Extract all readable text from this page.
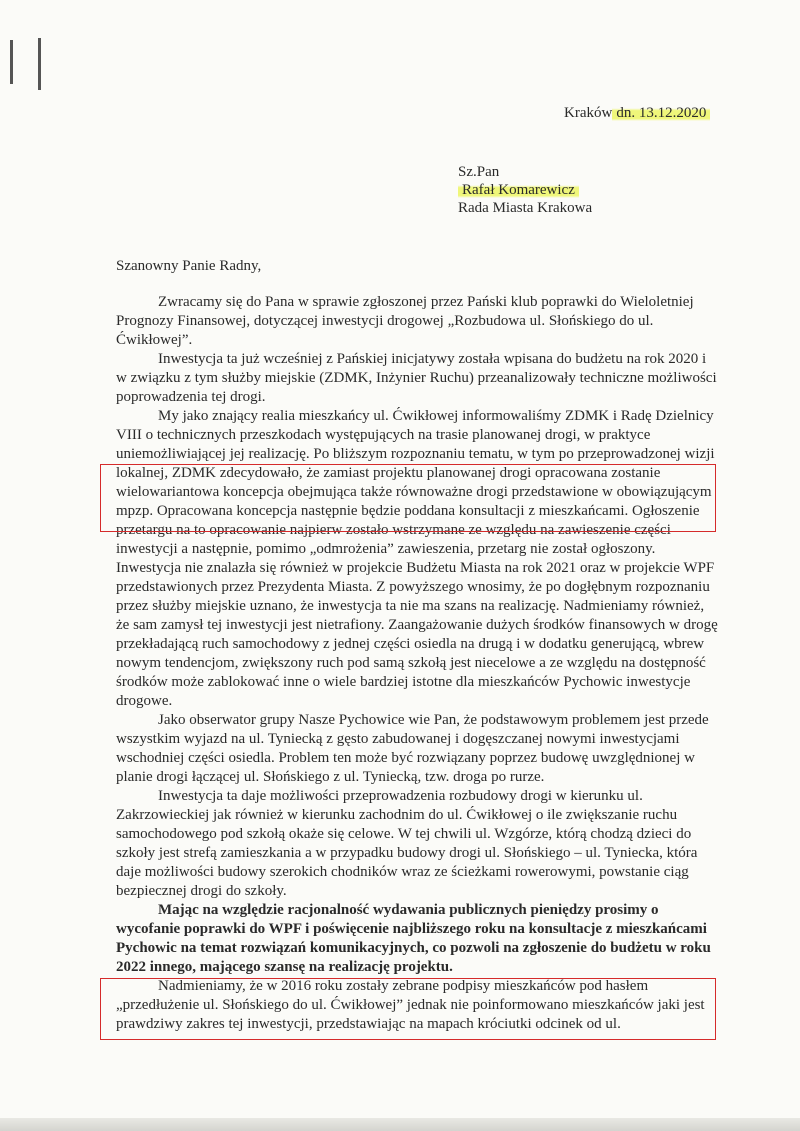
Kraków dn. 13.12.2020
Sz.Pan
Rafał Komarewicz
Rada Miasta Krakowa
Szanowny Panie Radny,

Zwracamy się do Pana w sprawie zgłoszonej przez Pański klub poprawki do Wieloletniej Prognozy Finansowej, dotyczącej inwestycji drogowej „Rozbudowa ul. Słońskiego do ul. Ćwikłowej”.

Inwestycja ta już wcześniej z Pańskiej inicjatywy została wpisana do budżetu na rok 2020 i w związku z tym służby miejskie (ZDMK, Inżynier Ruchu) przeanalizowały techniczne możliwości poprowadzenia tej drogi.

My jako znający realia mieszkańcy ul. Ćwikłowej informowaliśmy ZDMK i Radę Dzielnicy VIII o technicznych przeszkodach występujących na trasie planowanej drogi, w praktyce uniemożliwiającej jej realizację. Po bliższym rozpoznaniu tematu, w tym po przeprowadzonej wizji lokalnej, ZDMK zdecydowało, że zamiast projektu planowanej drogi opracowana zostanie wielowariantowa koncepcja obejmująca także równoważne drogi przedstawione w obowiązującym mpzp. Opracowana koncepcja następnie będzie poddana konsultacji z mieszkańcami. Ogłoszenie przetargu na to opracowanie najpierw zostało wstrzymane ze względu na zawieszenie części inwestycji a następnie, pomimo „odmrożenia” zawieszenia, przetarg nie został ogłoszony. Inwestycja nie znalazła się również w projekcie Budżetu Miasta na rok 2021 oraz w projekcie WPF przedstawionych przez Prezydenta Miasta. Z powyższego wnosimy, że po dogłębnym rozpoznaniu przez służby miejskie uznano, że inwestycja ta nie ma szans na realizację. Nadmieniamy również, że sam zamysł tej inwestycji jest nietrafiony. Zaangażowanie dużych środków finansowych w drogę przekładającą ruch samochodowy z jednej części osiedla na drugą i w dodatku generującą, wbrew nowym tendencjom, zwiększony ruch pod samą szkołą jest niecelowe a ze względu na dostępność środków może zablokować inne o wiele bardziej istotne dla mieszkańców Pychowic inwestycje drogowe.

Jako obserwator grupy Nasze Pychowice wie Pan, że podstawowym problemem jest przede wszystkim wyjazd na ul. Tyniecką z gęsto zabudowanej i dogęszczanej nowymi inwestycjami wschodniej części osiedla. Problem ten może być rozwiązany poprzez budowę uwzględnionej w planie drogi łączącej ul. Słońskiego z ul. Tyniecką, tzw. droga po rurze.

Inwestycja ta daje możliwości przeprowadzenia rozbudowy drogi w kierunku ul. Zakrzowieckiej jak również w kierunku zachodnim do ul. Ćwikłowej o ile zwiększanie ruchu samochodowego pod szkołą okaże się celowe. W tej chwili ul. Wzgórze, którą chodzą dzieci do szkoły jest strefą zamieszkania a w przypadku budowy drogi ul. Słońskiego – ul. Tyniecka, która daje możliwości budowy szerokich chodników wraz ze ścieżkami rowerowymi, powstanie ciąg bezpiecznej drogi do szkoły.

Mając na względzie racjonalność wydawania publicznych pieniędzy prosimy o wycofanie poprawki do WPF i poświęcenie najbliższego roku na konsultacje z mieszkańcami Pychowic na temat rozwiązań komunikacyjnych, co pozwoli na zgłoszenie do budżetu w roku 2022 innego, mającego szansę na realizację projektu.

Nadmieniamy, że w 2016 roku zostały zebrane podpisy mieszkańców pod hasłem „przedłużenie ul. Słońskiego do ul. Ćwikłowej” jednak nie poinformowano mieszkańców jaki jest prawdziwy zakres tej inwestycji, przedstawiając na mapach króciutki odcinek od ul.
